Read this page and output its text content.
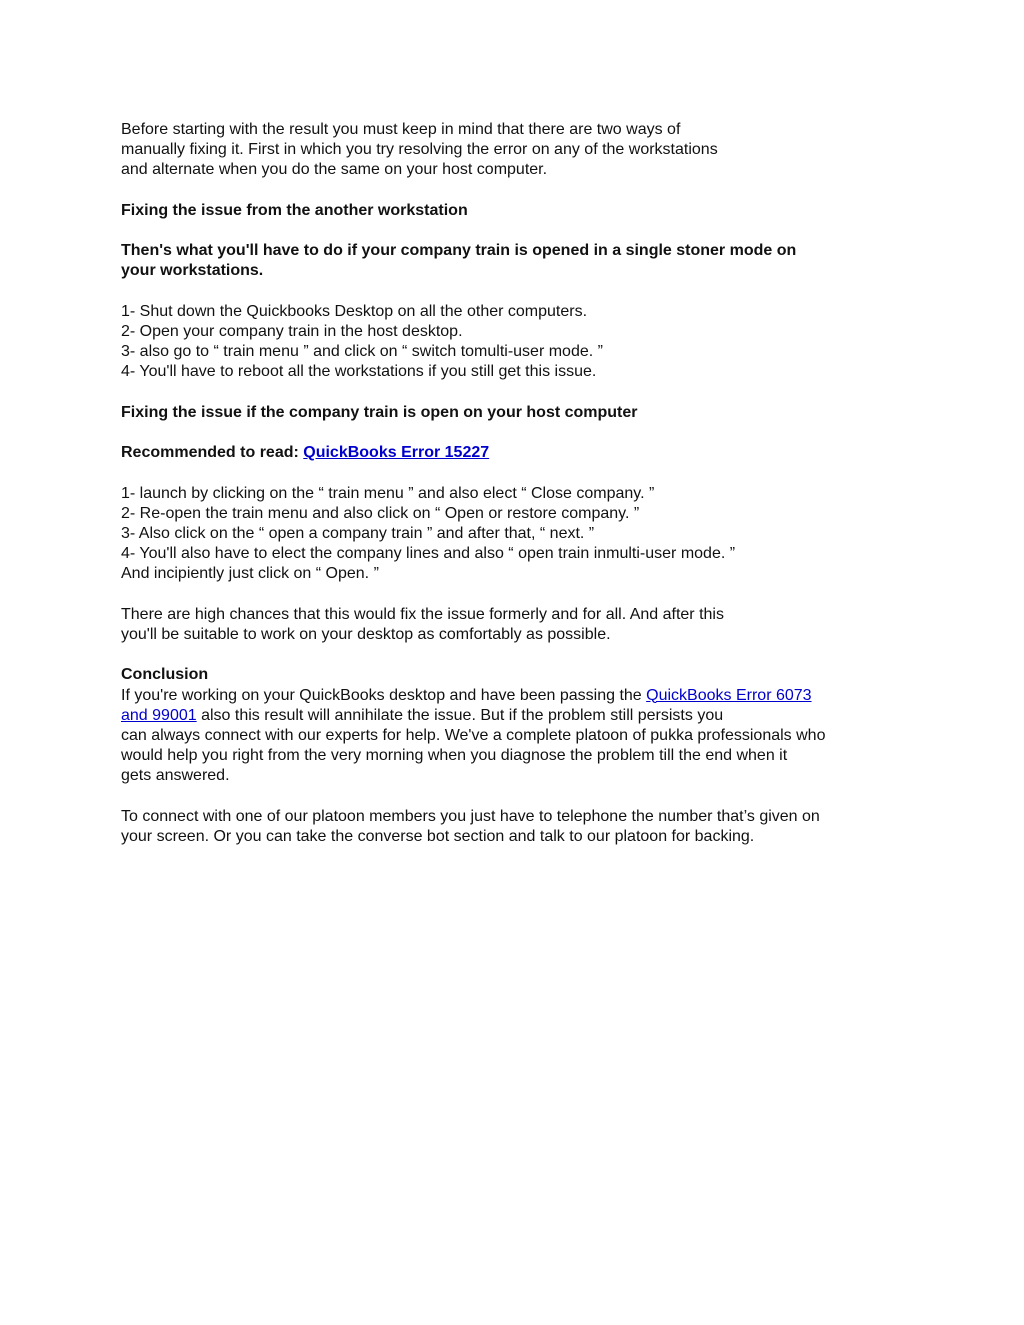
Before starting with the result you must keep in mind that there are two ways of
manually fixing it. First in which you try resolving the error on any of the workstations
and alternate when you do the same on your host computer.
Fixing the issue from the another workstation
Then's what you'll have to do if your company train is opened in a single stoner mode on
your workstations.
1- Shut down the Quickbooks Desktop on all the other computers.
2- Open your company train in the host desktop.
3- also go to “ train menu ” and click on “ switch tomulti-user mode. ”
4- You'll have to reboot all the workstations if you still get this issue.
Fixing the issue if the company train is open on your host computer
Recommended to read: QuickBooks Error 15227
1- launch by clicking on the “ train menu ” and also elect “ Close company. ”
2- Re-open the train menu and also click on “ Open or restore company. ”
3- Also click on the “ open a company train ” and after that, “ next. ”
4- You'll also have to elect the company lines and also “ open train inmulti-user mode. ”
And incipiently just click on “ Open. ”
There are high chances that this would fix the issue formerly and for all. And after this
you'll be suitable to work on your desktop as comfortably as possible.
Conclusion
If you're working on your QuickBooks desktop and have been passing the QuickBooks Error 6073
and 99001 also this result will annihilate the issue. But if the problem still persists you
can always connect with our experts for help. We've a complete platoon of pukka professionals who
would help you right from the very morning when you diagnose the problem till the end when it
gets answered.
To connect with one of our platoon members you just have to telephone the number that’s given on
your screen. Or you can take the converse bot section and talk to our platoon for backing.
